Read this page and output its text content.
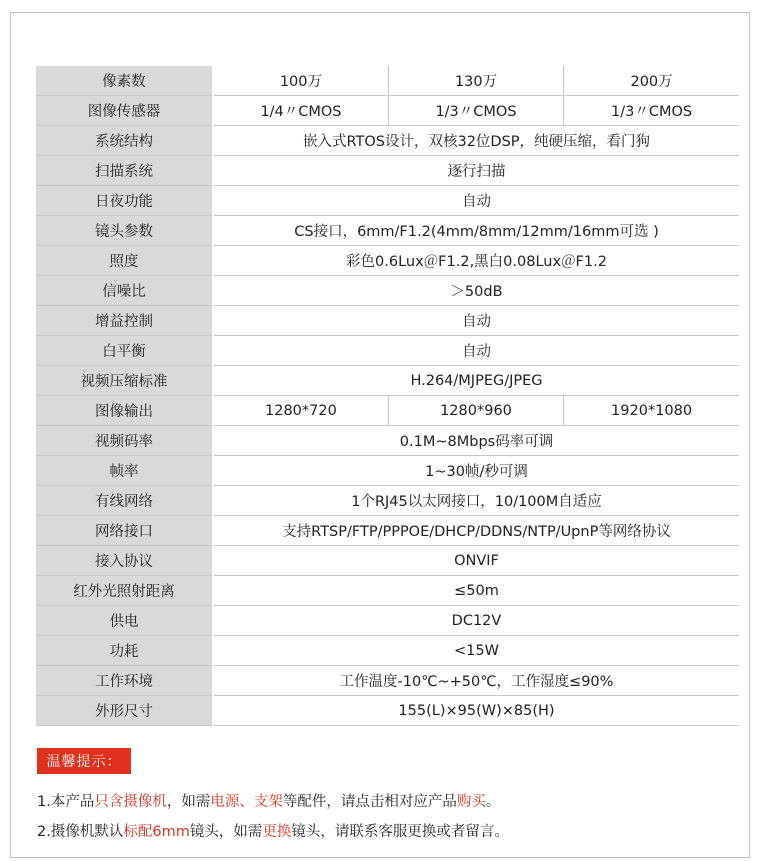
像素数	100万	130万	200万
图像传感器	1/4〃CMOS	1/3〃CMOS	1/3〃CMOS
系统结构	嵌入式RTOS设计，双核32位DSP，纯硬压缩，看门狗		
扫描系统	逐行扫描		
日夜功能	自动		
镜头参数	CS接口，6mm/F1.2(4mm/8mm/12mm/16mm可选 )		
照度	彩色0.6Lux＠F1.2,黑白0.08Lux＠F1.2		
信噪比	＞50dB		
增益控制	自动		
白平衡	自动		
视频压缩标准	H.264/MJPEG/JPEG		
图像输出	1280*720	1280*960	1920*1080
视频码率	0.1M~8Mbps码率可调		
帧率	1~30帧/秒可调		
有线网络	1个RJ45以太网接口，10/100M自适应		
网络接口	支持RTSP/FTP/PPPOE/DHCP/DDNS/NTP/UpnP等网络协议		
接入协议	ONVIF		
红外光照射距离	≤50m		
供电	DC12V		
功耗	<15W		
工作环境	工作温度-10℃~+50℃，工作湿度≤90%		
外形尺寸	155(L)×95(W)×85(H)		
温馨提示：
1.本产品只含摄像机，如需电源、支架等配件，请点击相对应产品购买。
2.摄像机默认标配6mm镜头，如需更换镜头，请联系客服更换或者留言。
